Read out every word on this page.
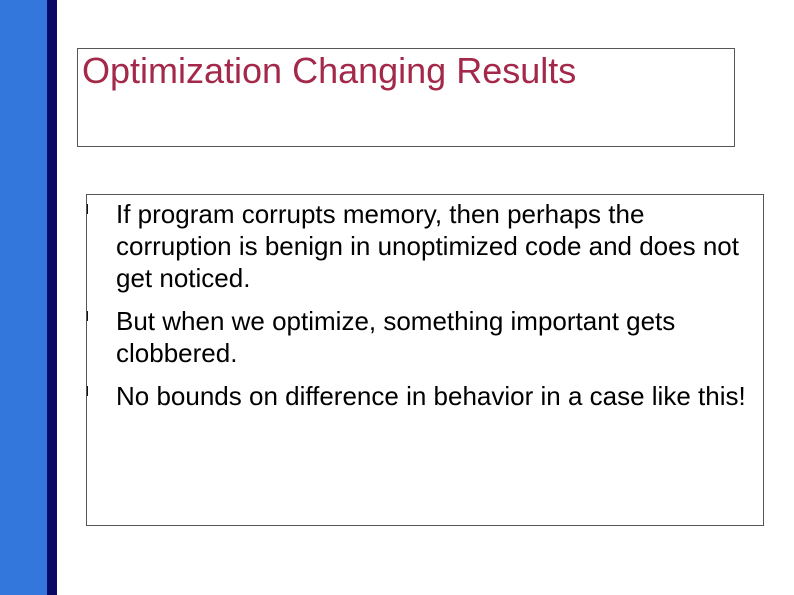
Optimization Changing Results
If program corrupts memory, then perhaps the corruption is benign in unoptimized code and does not get noticed.
But when we optimize, something important gets clobbered.
No bounds on difference in behavior in a case like this!
